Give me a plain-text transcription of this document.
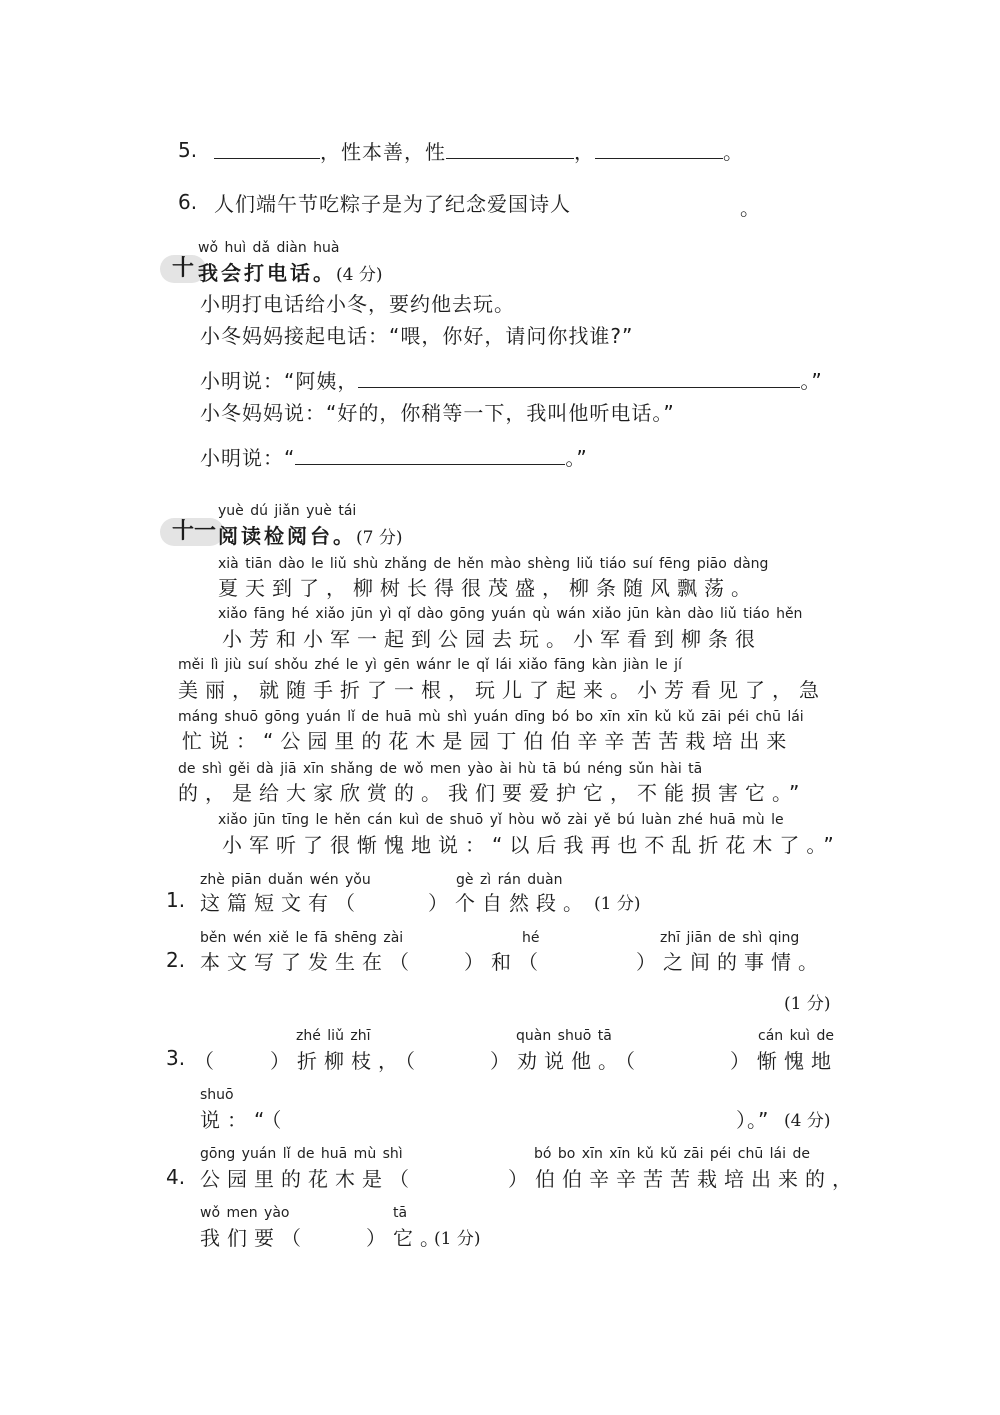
5.	，性本善，性	，	。
6. 人们端午节吃粽子是为了纪念爱国诗人	。
wǒ huì dǎ diàn huà
十 我会打电话。(4 分)
小明打电话给小冬，要约他去玩。
小冬妈妈接起电话：“喂，你好，请问你找谁?”
小明说：“阿姨，	。”
小冬妈妈说：“好的，你稍等一下，我叫他听电话。”
小明说：“	。”
yuè dú jiǎn yuè tái
十一 阅读检阅台。(7 分)
xià tiān dào le liǔ shù zhǎng de hěn mào shèng liǔ tiáo suí fēng piāo dàng
夏天到了，柳树长得很茂盛，柳条随风飘荡。
xiǎo fāng hé xiǎo jūn yì qǐ dào gōng yuán qù wán xiǎo jūn kàn dào liǔ tiáo hěn
小芳和小军一起到公园去玩。小军看到柳条很
měi lì jiù suí shǒu zhé le yì gēn wánr le qǐ lái xiǎo fāng kàn jiàn le jí
美丽，就随手折了一根，玩儿了起来。小芳看见了，急
máng shuō gōng yuán lǐ de huā mù shì yuán dīng bó bo xīn xīn kǔ kǔ zāi péi chū lái
忙说：“公园里的花木是园丁伯伯辛辛苦苦栽培出来
de shì gěi dà jiā xīn shǎng de wǒ men yào ài hù tā bú néng sǔn hài tā
的，是给大家欣赏的。我们要爱护它，不能损害它。”
xiǎo jūn tīng le hěn cán kuì de shuō yǐ hòu wǒ zài yě bú luàn zhé huā mù le
小军听了很惭愧地说：“以后我再也不乱折花木了。”
zhè piān duǎn wén yǒu	gè zì rán duàn
1. 这篇短文有（	）个自然段。 (1 分)
běn wén xiě le fā shēng zài	hé	zhī jiān de shì qing
2. 本文写了发生在（ ）和（	）之间的事情。
(1 分)
zhé liǔ zhī	quàn shuō tā	cán kuì de
3. （ ）折柳枝，（	）劝说他。（	）惭愧地
shuō
说：“（	）。” (4 分)
gōng yuán lǐ de huā mù shì	bó bo xīn xīn kǔ kǔ zāi péi chū lái de
4. 公园里的花木是（	）伯伯辛辛苦苦栽培出来的，
wǒ men yào	tā
我们要（	）它。
(1 分)
